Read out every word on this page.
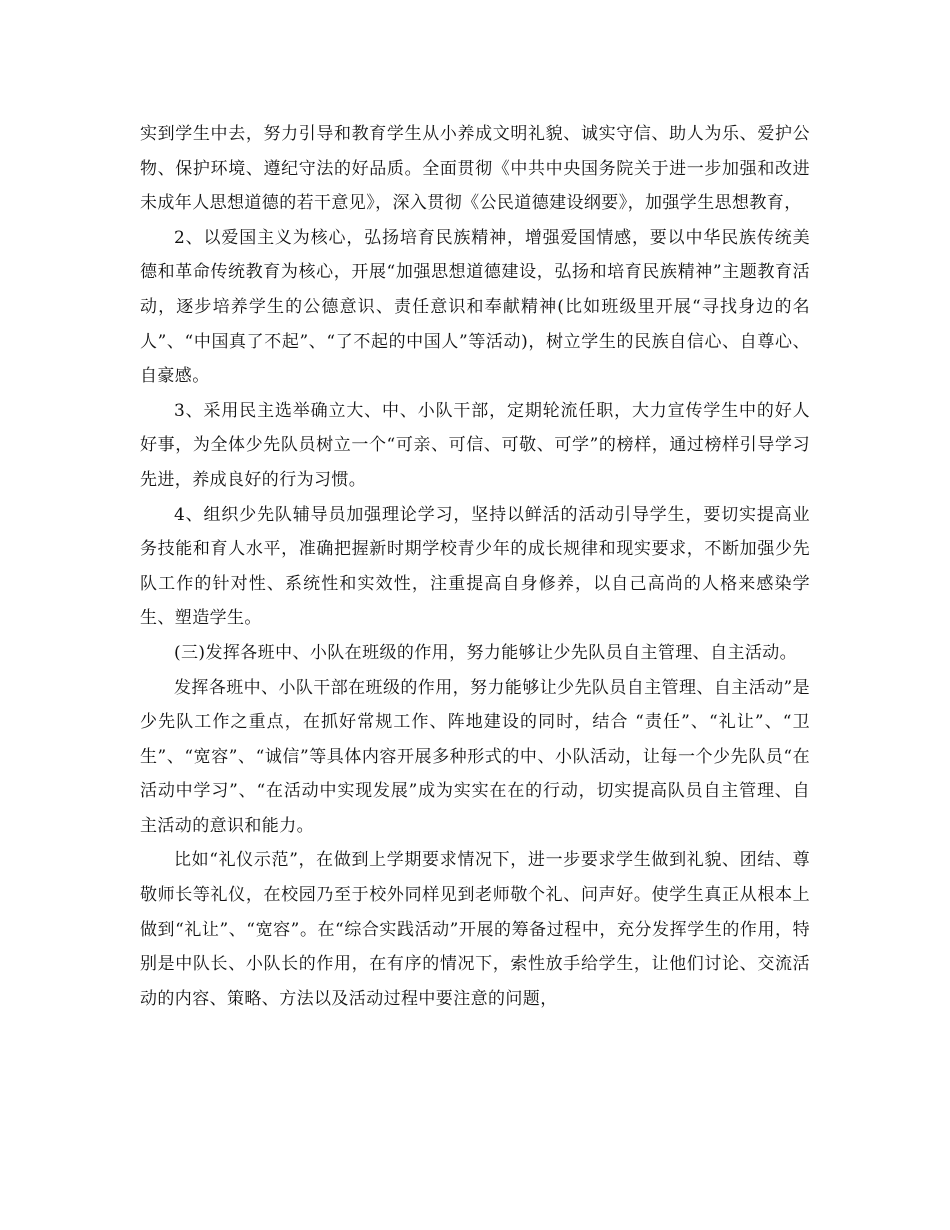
实到学生中去，努力引导和教育学生从小养成文明礼貌、诚实守信、助人为乐、爱护公物、保护环境、遵纪守法的好品质。全面贯彻《中共中央国务院关于进一步加强和改进未成年人思想道德的若干意见》，深入贯彻《公民道德建设纲要》，加强学生思想教育，

2、以爱国主义为核心，弘扬培育民族精神，增强爱国情感，要以中华民族传统美德和革命传统教育为核心，开展“加强思想道德建设，弘扬和培育民族精神”主题教育活动，逐步培养学生的公德意识、责任意识和奉献精神(比如班级里开展“寻找身边的名人”、“中国真了不起”、“了不起的中国人”等活动)，树立学生的民族自信心、自尊心、自豪感。

3、采用民主选举确立大、中、小队干部，定期轮流任职，大力宣传学生中的好人好事，为全体少先队员树立一个“可亲、可信、可敬、可学”的榜样，通过榜样引导学习先进，养成良好的行为习惯。

4、组织少先队辅导员加强理论学习，坚持以鲜活的活动引导学生，要切实提高业务技能和育人水平，准确把握新时期学校青少年的成长规律和现实要求，不断加强少先队工作的针对性、系统性和实效性，注重提高自身修养，以自己高尚的人格来感染学生、塑造学生。

(三)发挥各班中、小队在班级的作用，努力能够让少先队员自主管理、自主活动。

发挥各班中、小队干部在班级的作用，努力能够让少先队员自主管理、自主活动”是少先队工作之重点，在抓好常规工作、阵地建设的同时，结合 “责任”、“礼让”、“卫生”、“宽容”、“诚信”等具体内容开展多种形式的中、小队活动，让每一个少先队员“在活动中学习”、“在活动中实现发展”成为实实在在的行动，切实提高队员自主管理、自主活动的意识和能力。

比如“礼仪示范”，在做到上学期要求情况下，进一步要求学生做到礼貌、团结、尊敬师长等礼仪，在校园乃至于校外同样见到老师敬个礼、问声好。使学生真正从根本上做到“礼让”、“宽容”。在“综合实践活动”开展的筹备过程中，充分发挥学生的作用，特别是中队长、小队长的作用，在有序的情况下，索性放手给学生，让他们讨论、交流活动的内容、策略、方法以及活动过程中要注意的问题，
